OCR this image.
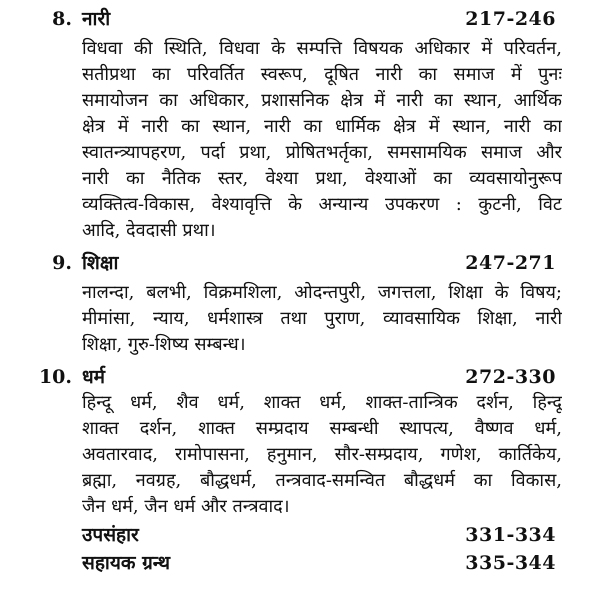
8. नारी	217-246
विधवा की स्थिति, विधवा के सम्पत्ति विषयक अधिकार में परिवर्तन,
सतीप्रथा का परिवर्तित स्वरूप, दूषित नारी का समाज में पुनः
समायोजन का अधिकार, प्रशासनिक क्षेत्र में नारी का स्थान, आर्थिक
क्षेत्र में नारी का स्थान, नारी का धार्मिक क्षेत्र में स्थान, नारी का
स्वातन्त्र्यापहरण, पर्दा प्रथा, प्रोषितभर्तृका, समसामयिक समाज और
नारी का नैतिक स्तर, वेश्या प्रथा, वेश्याओं का व्यवसायोनुरूप
व्यक्तित्व-विकास, वेश्यावृत्ति के अन्यान्य उपकरण : कुटनी, विट
आदि, देवदासी प्रथा।
9. शिक्षा	247-271
नालन्दा, बलभी, विक्रमशिला, ओदन्तपुरी, जगत्तला, शिक्षा के विषय;
मीमांसा, न्याय, धर्मशास्त्र तथा पुराण, व्यावसायिक शिक्षा, नारी
शिक्षा, गुरु-शिष्य सम्बन्ध।
10. धर्म	272-330
हिन्दू धर्म, शैव धर्म, शाक्त धर्म, शाक्त-तान्त्रिक दर्शन, हिन्दू
शाक्त दर्शन, शाक्त सम्प्रदाय सम्बन्धी स्थापत्य, वैष्णव धर्म,
अवतारवाद, रामोपासना, हनुमान, सौर-सम्प्रदाय, गणेश, कार्तिकेय,
ब्रह्मा, नवग्रह, बौद्धधर्म, तन्त्रवाद-समन्वित बौद्धधर्म का विकास,
जैन धर्म, जैन धर्म और तन्त्रवाद।
उपसंहार	331-334
सहायक ग्रन्थ	335-344
